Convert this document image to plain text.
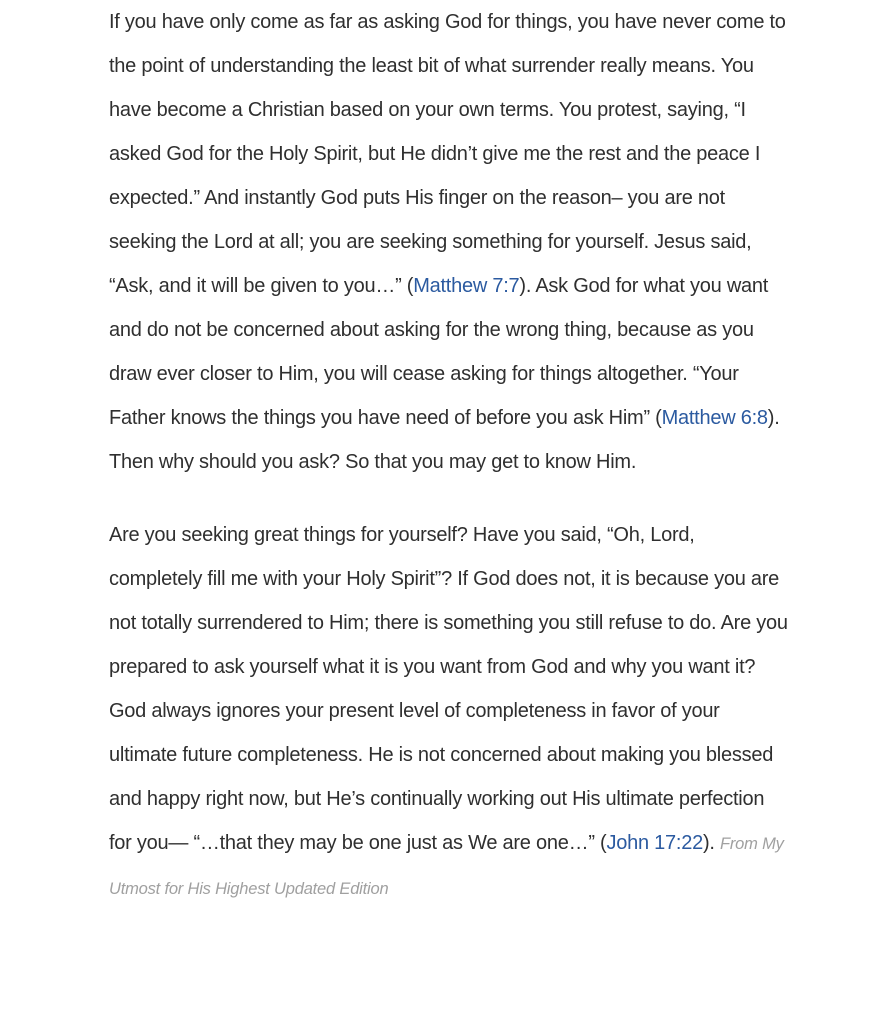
If you have only come as far as asking God for things, you have never come to the point of understanding the least bit of what surrender really means. You have become a Christian based on your own terms. You protest, saying, “I asked God for the Holy Spirit, but He didn’t give me the rest and the peace I expected.” And instantly God puts His finger on the reason– you are not seeking the Lord at all; you are seeking something for yourself. Jesus said, “Ask, and it will be given to you…” (Matthew 7:7). Ask God for what you want and do not be concerned about asking for the wrong thing, because as you draw ever closer to Him, you will cease asking for things altogether. “Your Father knows the things you have need of before you ask Him” (Matthew 6:8). Then why should you ask? So that you may get to know Him.

Are you seeking great things for yourself? Have you said, “Oh, Lord, completely fill me with your Holy Spirit”? If God does not, it is because you are not totally surrendered to Him; there is something you still refuse to do. Are you prepared to ask yourself what it is you want from God and why you want it? God always ignores your present level of completeness in favor of your ultimate future completeness. He is not concerned about making you blessed and happy right now, but He’s continually working out His ultimate perfection for you— “…that they may be one just as We are one…” (John 17:22). From My Utmost for His Highest Updated Edition
